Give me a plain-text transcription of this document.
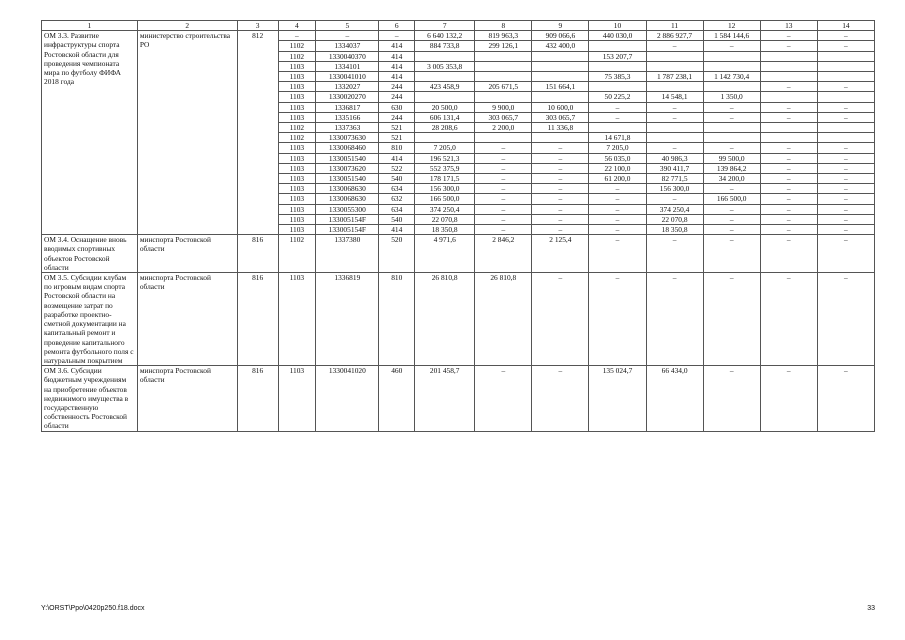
1	2	3	4	5	6	7	8	9	10	11	12	13	14
ОМ 3.3. Развитие инфраструктуры спорта Ростовской области для проведения чемпионата мира по футболу ФИФА 2018 года	министерство строительства РО	812	–	–	–	6 640 132,2	819 963,3	909 066,6	440 030,0	2 886 927,7	1 584 144,6	–	–
			1102	1334037	414	884 733,8	299 126,1	432 400,0		–	–	–	–
			1102	1330040370	414				153 207,7				
			1103	1334101	414	3 005 353,8							
			1103	1330041010	414				75 385,3	1 787 238,1	1 142 730,4		
			1103	1332027	244	423 458,9	205 671,5	151 664,1				–	–
			1103	1330020270	244				50 225,2	14 548,1	1 350,0		
			1103	1336817	630	20 500,0	9 900,0	10 600,0	–	–	–	–	–
			1103	1335166	244	606 131,4	303 065,7	303 065,7	–	–	–	–	–
			1102	1337363	521	28 208,6	2 200,0	11 336,8					
			1102	1330073630	521				14 671,8				
			1103	1330068460	810	7 205,0	–	–	7 205,0	–	–	–	–
			1103	1330051540	414	196 521,3	–	–	56 035,0	40 986,3	99 500,0	–	–
			1103	1330073620	522	552 375,9	–	–	22 100,0	390 411,7	139 864,2	–	–
			1103	1330051540	540	178 171,5	–	–	61 200,0	82 771,5	34 200,0	–	–
			1103	1330068630	634	156 300,0	–	–	–	156 300,0	–	–	–
			1103	1330068630	632	166 500,0	–	–	–	–	166 500,0	–	–
			1103	1330055300	634	374 250,4	–	–	–	374 250,4	–	–	–
			1103	133005154F	540	22 070,8	–	–	–	22 070,8	–	–	–
			1103	133005154F	414	18 350,8	–	–	–	18 350,8	–	–	–
ОМ 3.4. Оснащение вновь вводимых спортивных объектов Ростовской области	минспорта Ростовской области	816	1102	1337380	520	4 971,6	2 846,2	2 125,4	–	–	–	–	–
ОМ 3.5. Субсидии клубам по игровым видам спорта Ростовской области на возмещение затрат по разработке проектно-сметной документации на капитальный ремонт и проведение капитального ремонта футбольного поля с натуральным покрытием	минспорта Ростовской области	816	1103	1336819	810	26 810,8	26 810,8	–	–	–	–	–	–
ОМ 3.6. Субсидии бюджетным учреждениям на приобретение объектов недвижимого имущества в государственную собственность Ростовской области	минспорта Ростовской области	816	1103	1330041020	460	201 458,7	–	–	135 024,7	66 434,0	–	–	–
Y:\ORST\Ppo\0420p250.f18.docx	33
